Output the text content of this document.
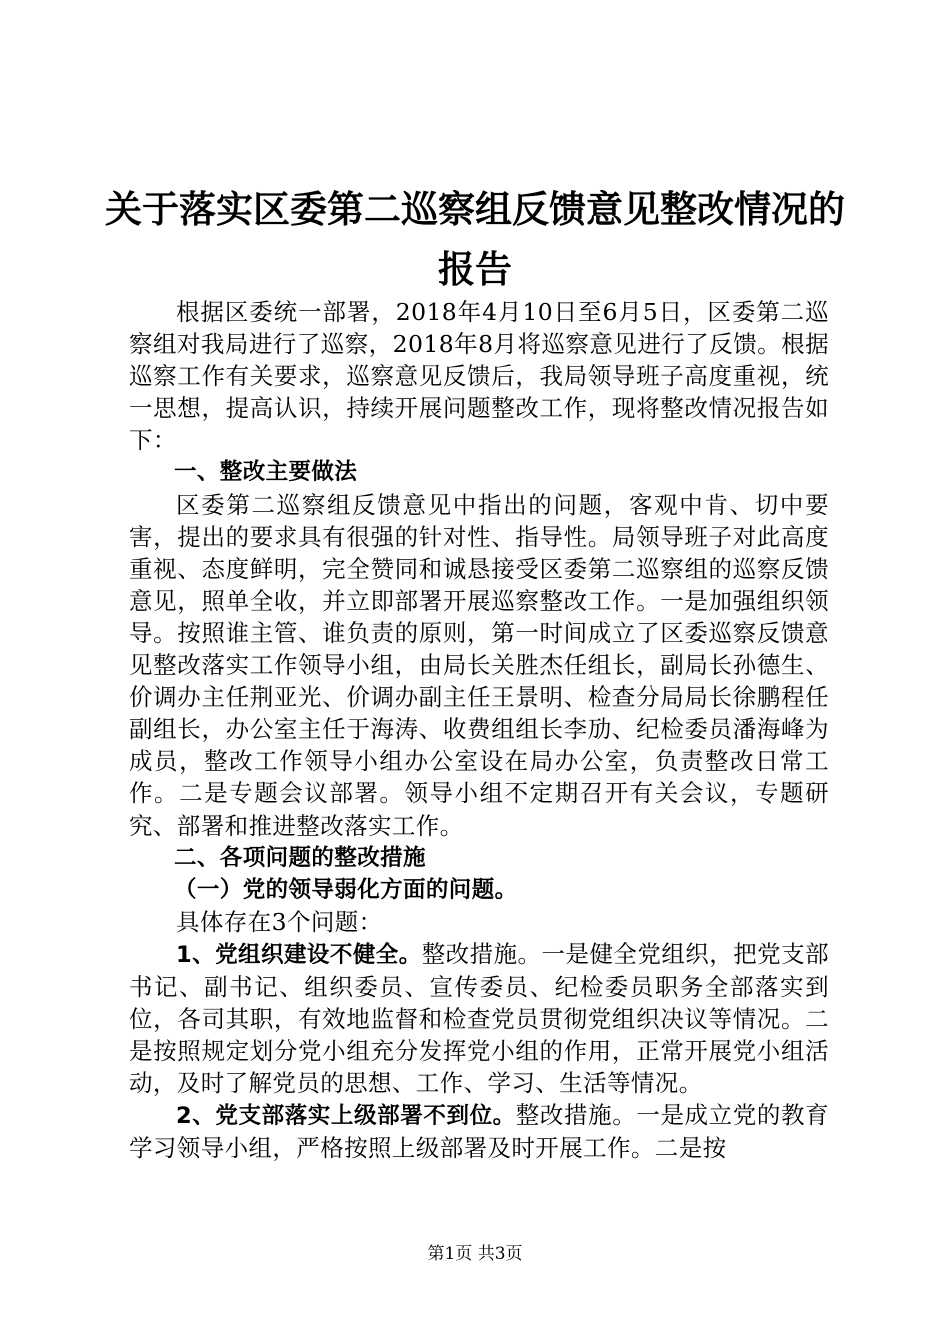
关于落实区委第二巡察组反馈意见整改情况的
报告

根据区委统一部署，2018年4月10日至6月5日，区委第二巡察组对我局进行了巡察，2018年8月将巡察意见进行了反馈。根据巡察工作有关要求，巡察意见反馈后，我局领导班子高度重视，统一思想，提高认识，持续开展问题整改工作，现将整改情况报告如下：

一、整改主要做法

区委第二巡察组反馈意见中指出的问题，客观中肯、切中要害，提出的要求具有很强的针对性、指导性。局领导班子对此高度重视、态度鲜明，完全赞同和诚恳接受区委第二巡察组的巡察反馈意见，照单全收，并立即部署开展巡察整改工作。一是加强组织领导。按照谁主管、谁负责的原则，第一时间成立了区委巡察反馈意见整改落实工作领导小组，由局长关胜杰任组长，副局长孙德生、价调办主任荆亚光、价调办副主任王景明、检查分局局长徐鹏程任副组长，办公室主任于海涛、收费组组长李劢、纪检委员潘海峰为成员，整改工作领导小组办公室设在局办公室，负责整改日常工作。二是专题会议部署。领导小组不定期召开有关会议，专题研究、部署和推进整改落实工作。

二、各项问题的整改措施

（一）党的领导弱化方面的问题。

具体存在3个问题：

1、党组织建设不健全。整改措施。一是健全党组织，把党支部书记、副书记、组织委员、宣传委员、纪检委员职务全部落实到位，各司其职，有效地监督和检查党员贯彻党组织决议等情况。二是按照规定划分党小组充分发挥党小组的作用，正常开展党小组活动，及时了解党员的思想、工作、学习、生活等情况。

2、党支部落实上级部署不到位。整改措施。一是成立党的教育学习领导小组，严格按照上级部署及时开展工作。二是按

第1页 共3页
